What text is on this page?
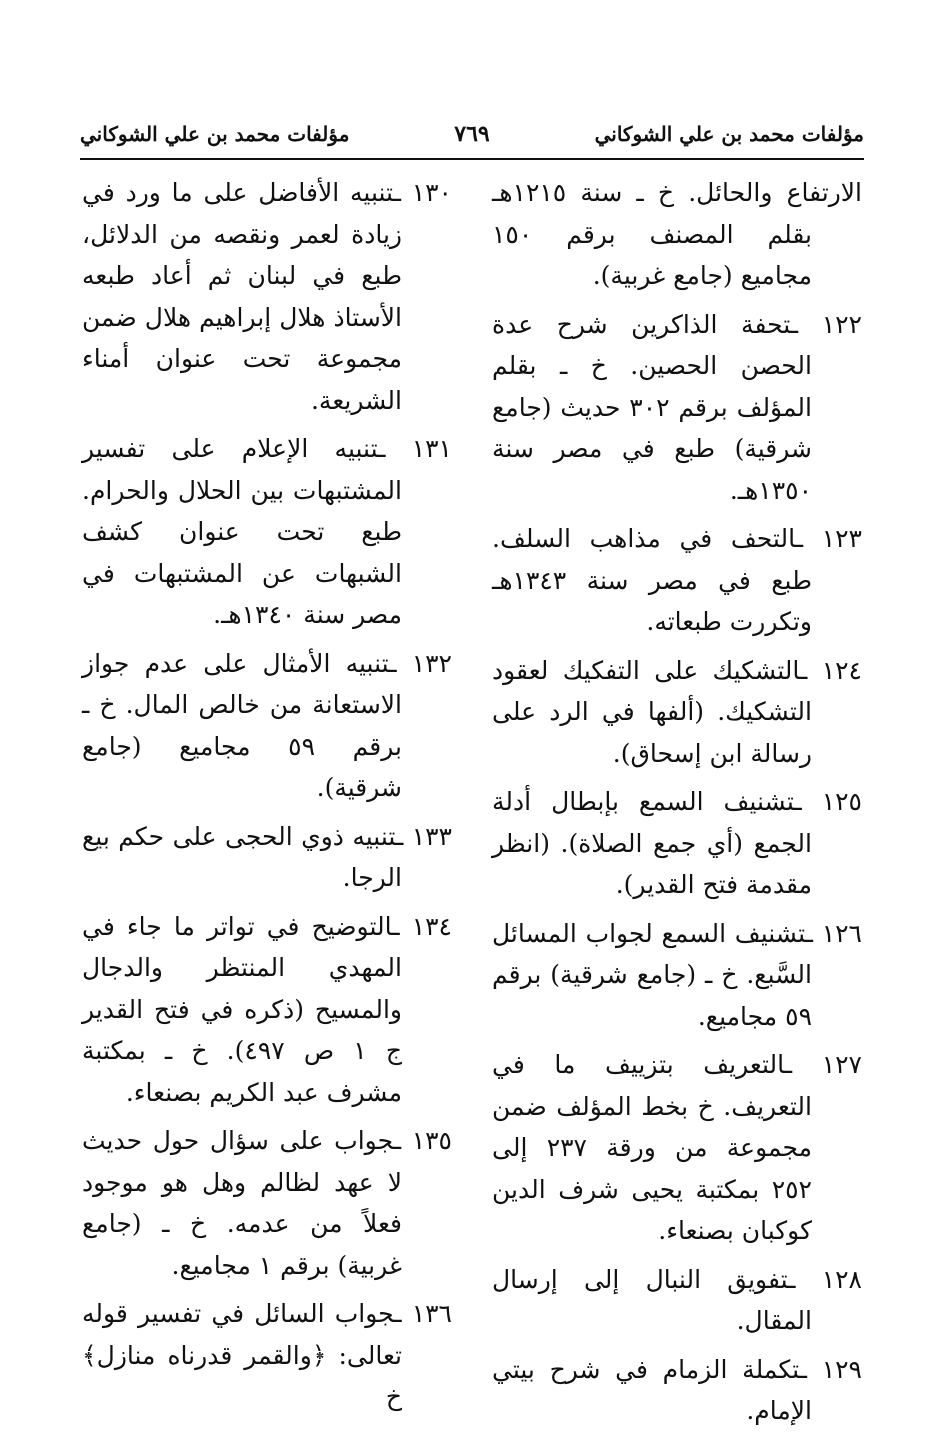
مؤلفات محمد بن علي الشوكاني
٧٦٩
مؤلفات محمد بن علي الشوكاني

الارتفاع والحائل. خ ـ سنة ١٢١٥هـ بقلم المصنف برقم ١٥٠ مجاميع (جامع غربية).

١٢٢ ـتحفة الذاكرين شرح عدة الحصن الحصين. خ ـ بقلم المؤلف برقم ٣٠٢ حديث (جامع شرقية) طبع في مصر سنة ١٣٥٠هـ.

١٢٣ ـالتحف في مذاهب السلف. طبع في مصر سنة ١٣٤٣هـ وتكررت طبعاته.

١٢٤ ـالتشكيك على التفكيك لعقود التشكيك. (ألفها في الرد على رسالة ابن إسحاق).

١٢٥ ـتشنيف السمع بإبطال أدلة الجمع (أي جمع الصلاة). (انظر مقدمة فتح القدير).

١٢٦ ـتشنيف السمع لجواب المسائل السَّبع. خ ـ (جامع شرقية) برقم ٥٩ مجاميع.

١٢٧ ـالتعريف بتزييف ما في التعريف. خ بخط المؤلف ضمن مجموعة من ورقة ٢٣٧ إلى ٢٥٢ بمكتبة يحيى شرف الدين كوكبان بصنعاء.

١٢٨ ـتفويق النبال إلى إرسال المقال.

١٢٩ ـتكملة الزمام في شرح بيتي الإمام.

١٣٠ ـتنبيه الأفاضل على ما ورد في زيادة لعمر ونقصه من الدلائل، طبع في لبنان ثم أعاد طبعه الأستاذ هلال إبراهيم هلال ضمن مجموعة تحت عنوان أمناء الشريعة.

١٣١ ـتنبيه الإعلام على تفسير المشتبهات بين الحلال والحرام. طبع تحت عنوان كشف الشبهات عن المشتبهات في مصر سنة ١٣٤٠هـ.

١٣٢ ـتنبيه الأمثال على عدم جواز الاستعانة من خالص المال. خ ـ برقم ٥٩ مجاميع (جامع شرقية).

١٣٣ ـتنبيه ذوي الحجى على حكم بيع الرجا.

١٣٤ ـالتوضيح في تواتر ما جاء في المهدي المنتظر والدجال والمسيح (ذكره في فتح القدير ج ١ ص ٤٩٧). خ ـ بمكتبة مشرف عبد الكريم بصنعاء.

١٣٥ ـجواب على سؤال حول حديث لا عهد لظالم وهل هو موجود فعلاً من عدمه. خ ـ (جامع غربية) برقم ١ مجاميع.

١٣٦ ـجواب السائل في تفسير قوله تعالى: ﴿والقمر قدرناه منازل﴾ خ
